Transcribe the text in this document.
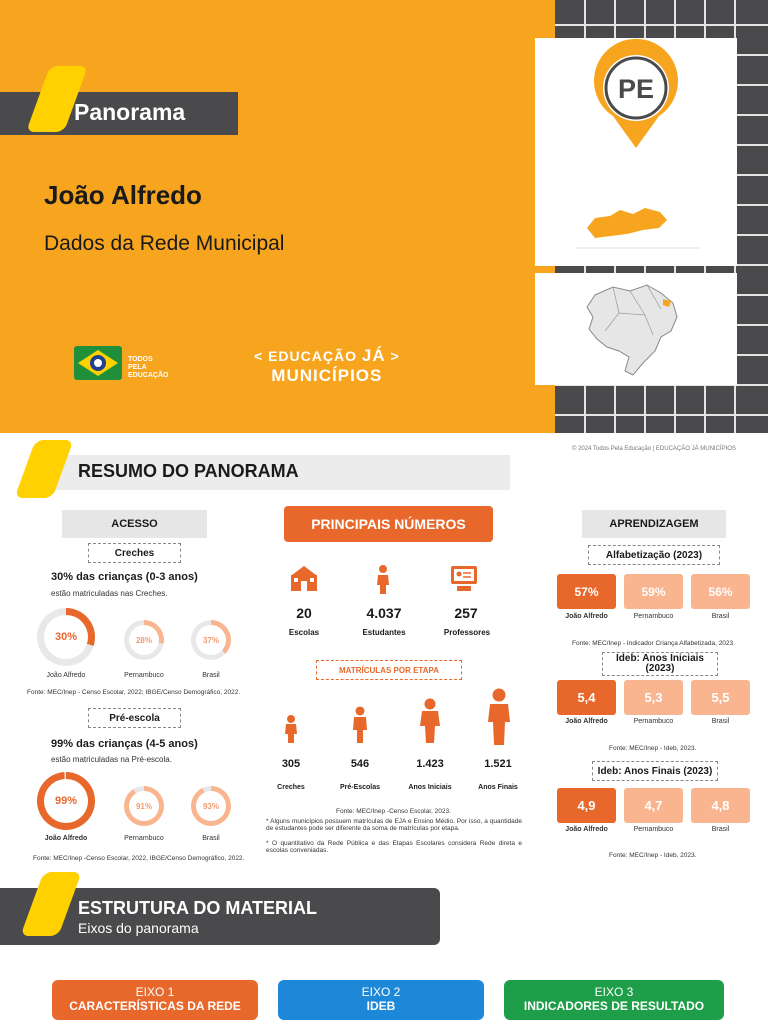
Panorama
João Alfredo
Dados da Rede Municipal
TODOS
PELA
EDUCAÇÃO
< EDUCAÇÃO JÁ >
MUNICÍPIOS
PE
© 2024 Todos Pela Educação | EDUCAÇÃO JÁ MUNICÍPIOS
RESUMO DO PANORAMA
ACESSO
Creches
30% das crianças (0-3 anos)
estão matriculadas nas Creches.
30%	28%	37%
João Alfredo	Pernambuco	Brasil
Fonte: MEC/Inep - Censo Escolar, 2022; IBGE/Censo Demográfico, 2022.
Pré-escola
99% das crianças (4-5 anos)
estão matriculadas na Pré-escola.
99%	91%	93%
João Alfredo	Pernambuco	Brasil
Fonte: MEC/Inep -Censo Escolar, 2022, IBGE/Censo Demográfico, 2022.
PRINCIPAIS NÚMEROS
20	4.037	257
Escolas	Estudantes	Professores
MATRÍCULAS POR ETAPA
305	546	1.423	1.521
Creches	Pré-Escolas	Anos Iniciais	Anos Finais
Fonte: MEC/Inep -Censo Escolar, 2023.
* Alguns municípios possuem matrículas de EJA e Ensino Médio. Por isso, a quantidade de estudantes pode ser diferente da soma de matrículas por etapa.
* O quantitativo da Rede Pública e das Etapas Escolares considera Rede direta e escolas conveniadas.
APRENDIZAGEM
Alfabetização (2023)
57%	59%	56%
João Alfredo	Pernambuco	Brasil
Fonte: MEC/Inep - Indicador Criança Alfabetizada, 2023.
Ideb: Anos Iniciais (2023)
5,4	5,3	5,5
João Alfredo	Pernambuco	Brasil
Fonte: MEC/Inep - Ideb, 2023.
Ideb: Anos Finais (2023)
4,9	4,7	4,8
João Alfredo	Pernambuco	Brasil
Fonte: MEC/Inep - Ideb, 2023.
ESTRUTURA DO MATERIAL
Eixos do panorama
EIXO 1
CARACTERÍSTICAS DA REDE
EIXO 2
IDEB
EIXO 3
INDICADORES DE RESULTADO
